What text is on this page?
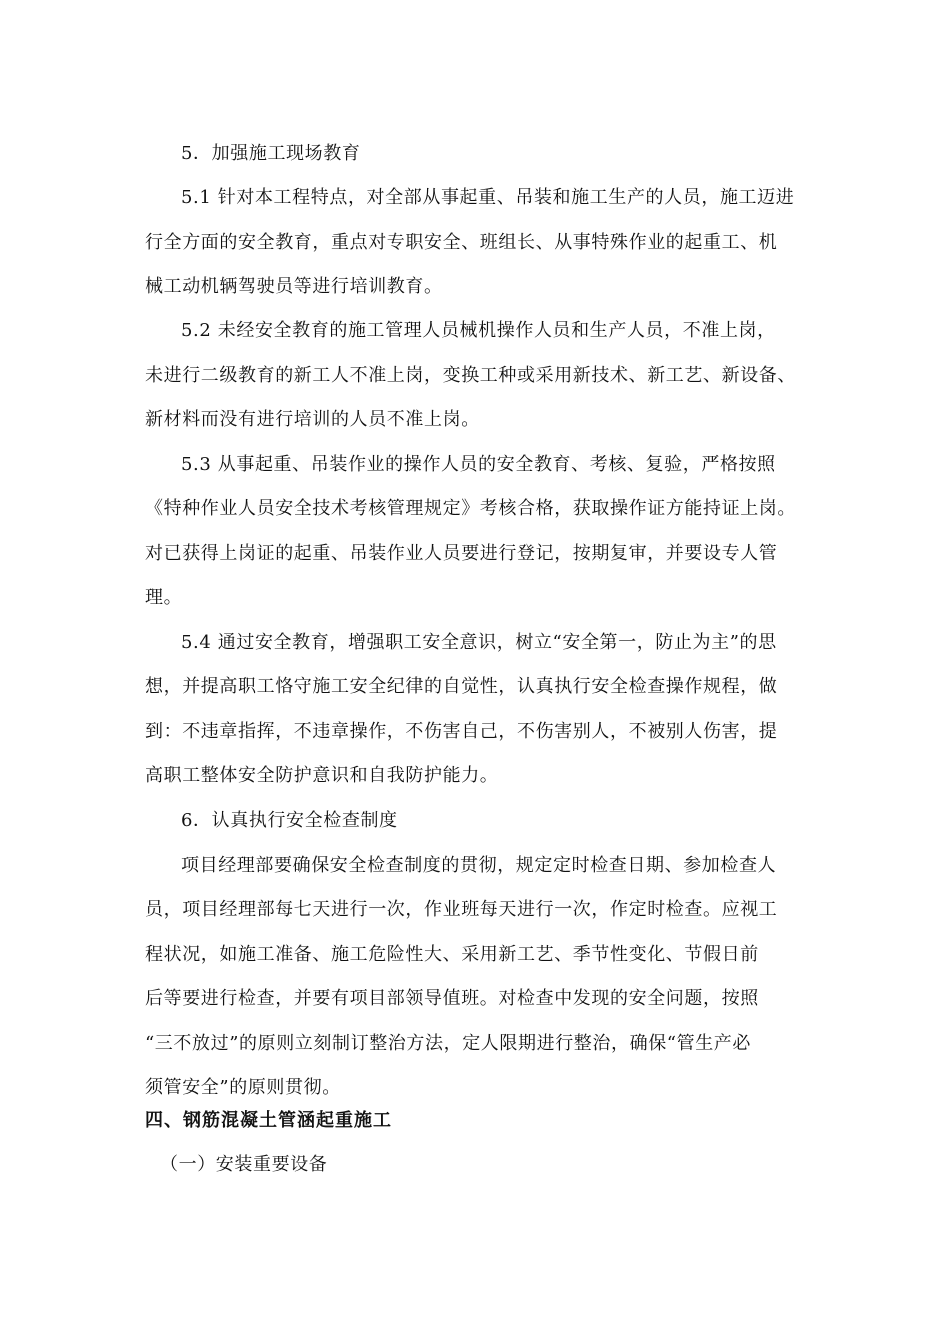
5．加强施工现场教育
5.1 针对本工程特点，对全部从事起重、吊装和施工生产的人员，施工迈进
行全方面的安全教育，重点对专职安全、班组长、从事特殊作业的起重工、机
械工动机辆驾驶员等进行培训教育。
5.2 未经安全教育的施工管理人员械机操作人员和生产人员，不准上岗，
未进行二级教育的新工人不准上岗，变换工种或采用新技术、新工艺、新设备、
新材料而没有进行培训的人员不准上岗。
5.3 从事起重、吊装作业的操作人员的安全教育、考核、复验，严格按照
《特种作业人员安全技术考核管理规定》考核合格，获取操作证方能持证上岗。
对已获得上岗证的起重、吊装作业人员要进行登记，按期复审，并要设专人管
理。
5.4 通过安全教育，增强职工安全意识，树立“安全第一，防止为主”的思
想，并提高职工恪守施工安全纪律的自觉性，认真执行安全检查操作规程，做
到：不违章指挥，不违章操作，不伤害自己，不伤害别人，不被别人伤害，提
高职工整体安全防护意识和自我防护能力。
6．认真执行安全检查制度
项目经理部要确保安全检查制度的贯彻，规定定时检查日期、参加检查人
员，项目经理部每七天进行一次，作业班每天进行一次，作定时检查。应视工
程状况，如施工准备、施工危险性大、采用新工艺、季节性变化、节假日前
后等要进行检查，并要有项目部领导值班。对检查中发现的安全问题，按照
“三不放过”的原则立刻制订整治方法，定人限期进行整治，确保“管生产必
须管安全”的原则贯彻。
四、钢筋混凝土管涵起重施工
（一）安装重要设备
